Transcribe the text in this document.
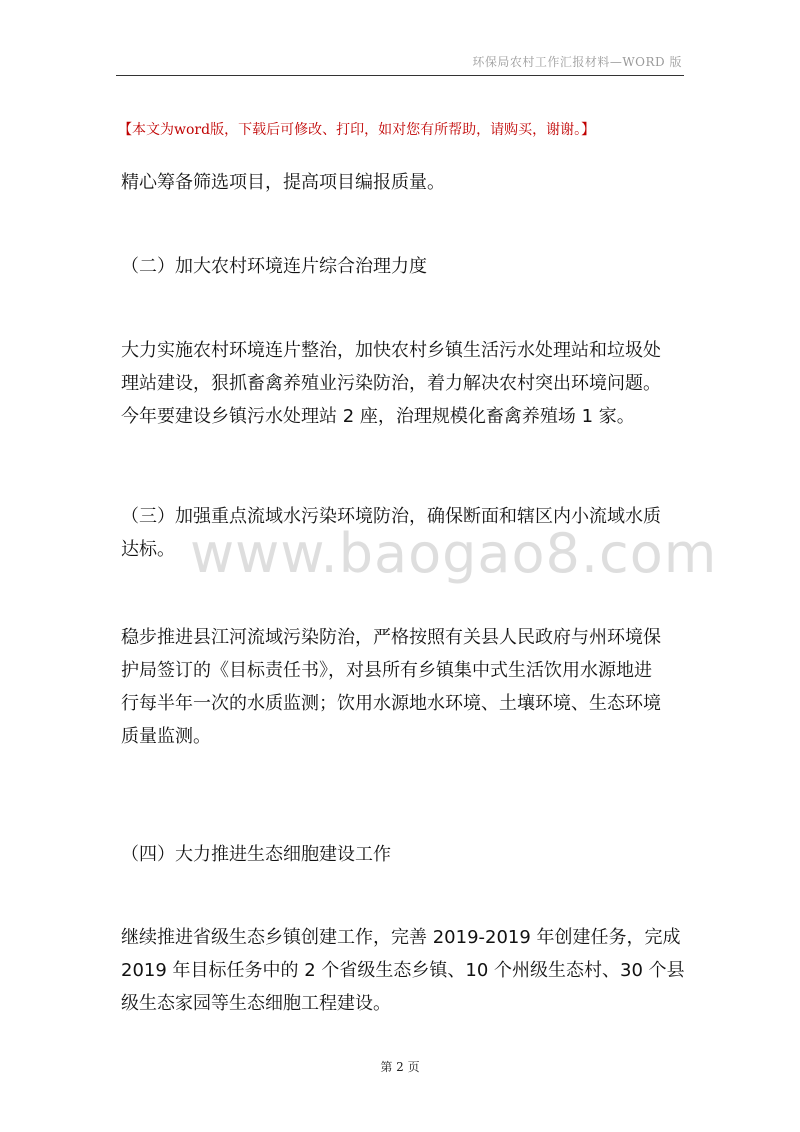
环保局农村工作汇报材料—WORD 版
【本文为word版，下载后可修改、打印，如对您有所帮助，请购买，谢谢。】

精心筹备筛选项目，提高项目编报质量。

（二）加大农村环境连片综合治理力度

大力实施农村环境连片整治，加快农村乡镇生活污水处理站和垃圾处
理站建设，狠抓畜禽养殖业污染防治，着力解决农村突出环境问题。
今年要建设乡镇污水处理站 2 座，治理规模化畜禽养殖场 1 家。

（三）加强重点流域水污染环境防治，确保断面和辖区内小流域水质
达标。

稳步推进县江河流域污染防治，严格按照有关县人民政府与州环境保
护局签订的《目标责任书》，对县所有乡镇集中式生活饮用水源地进
行每半年一次的水质监测；饮用水源地水环境、土壤环境、生态环境
质量监测。

（四）大力推进生态细胞建设工作

继续推进省级生态乡镇创建工作，完善 2019-2019 年创建任务，完成
2019 年目标任务中的 2 个省级生态乡镇、10 个州级生态村、30 个县
级生态家园等生态细胞工程建设。

www.baogao8.com
第 2 页
